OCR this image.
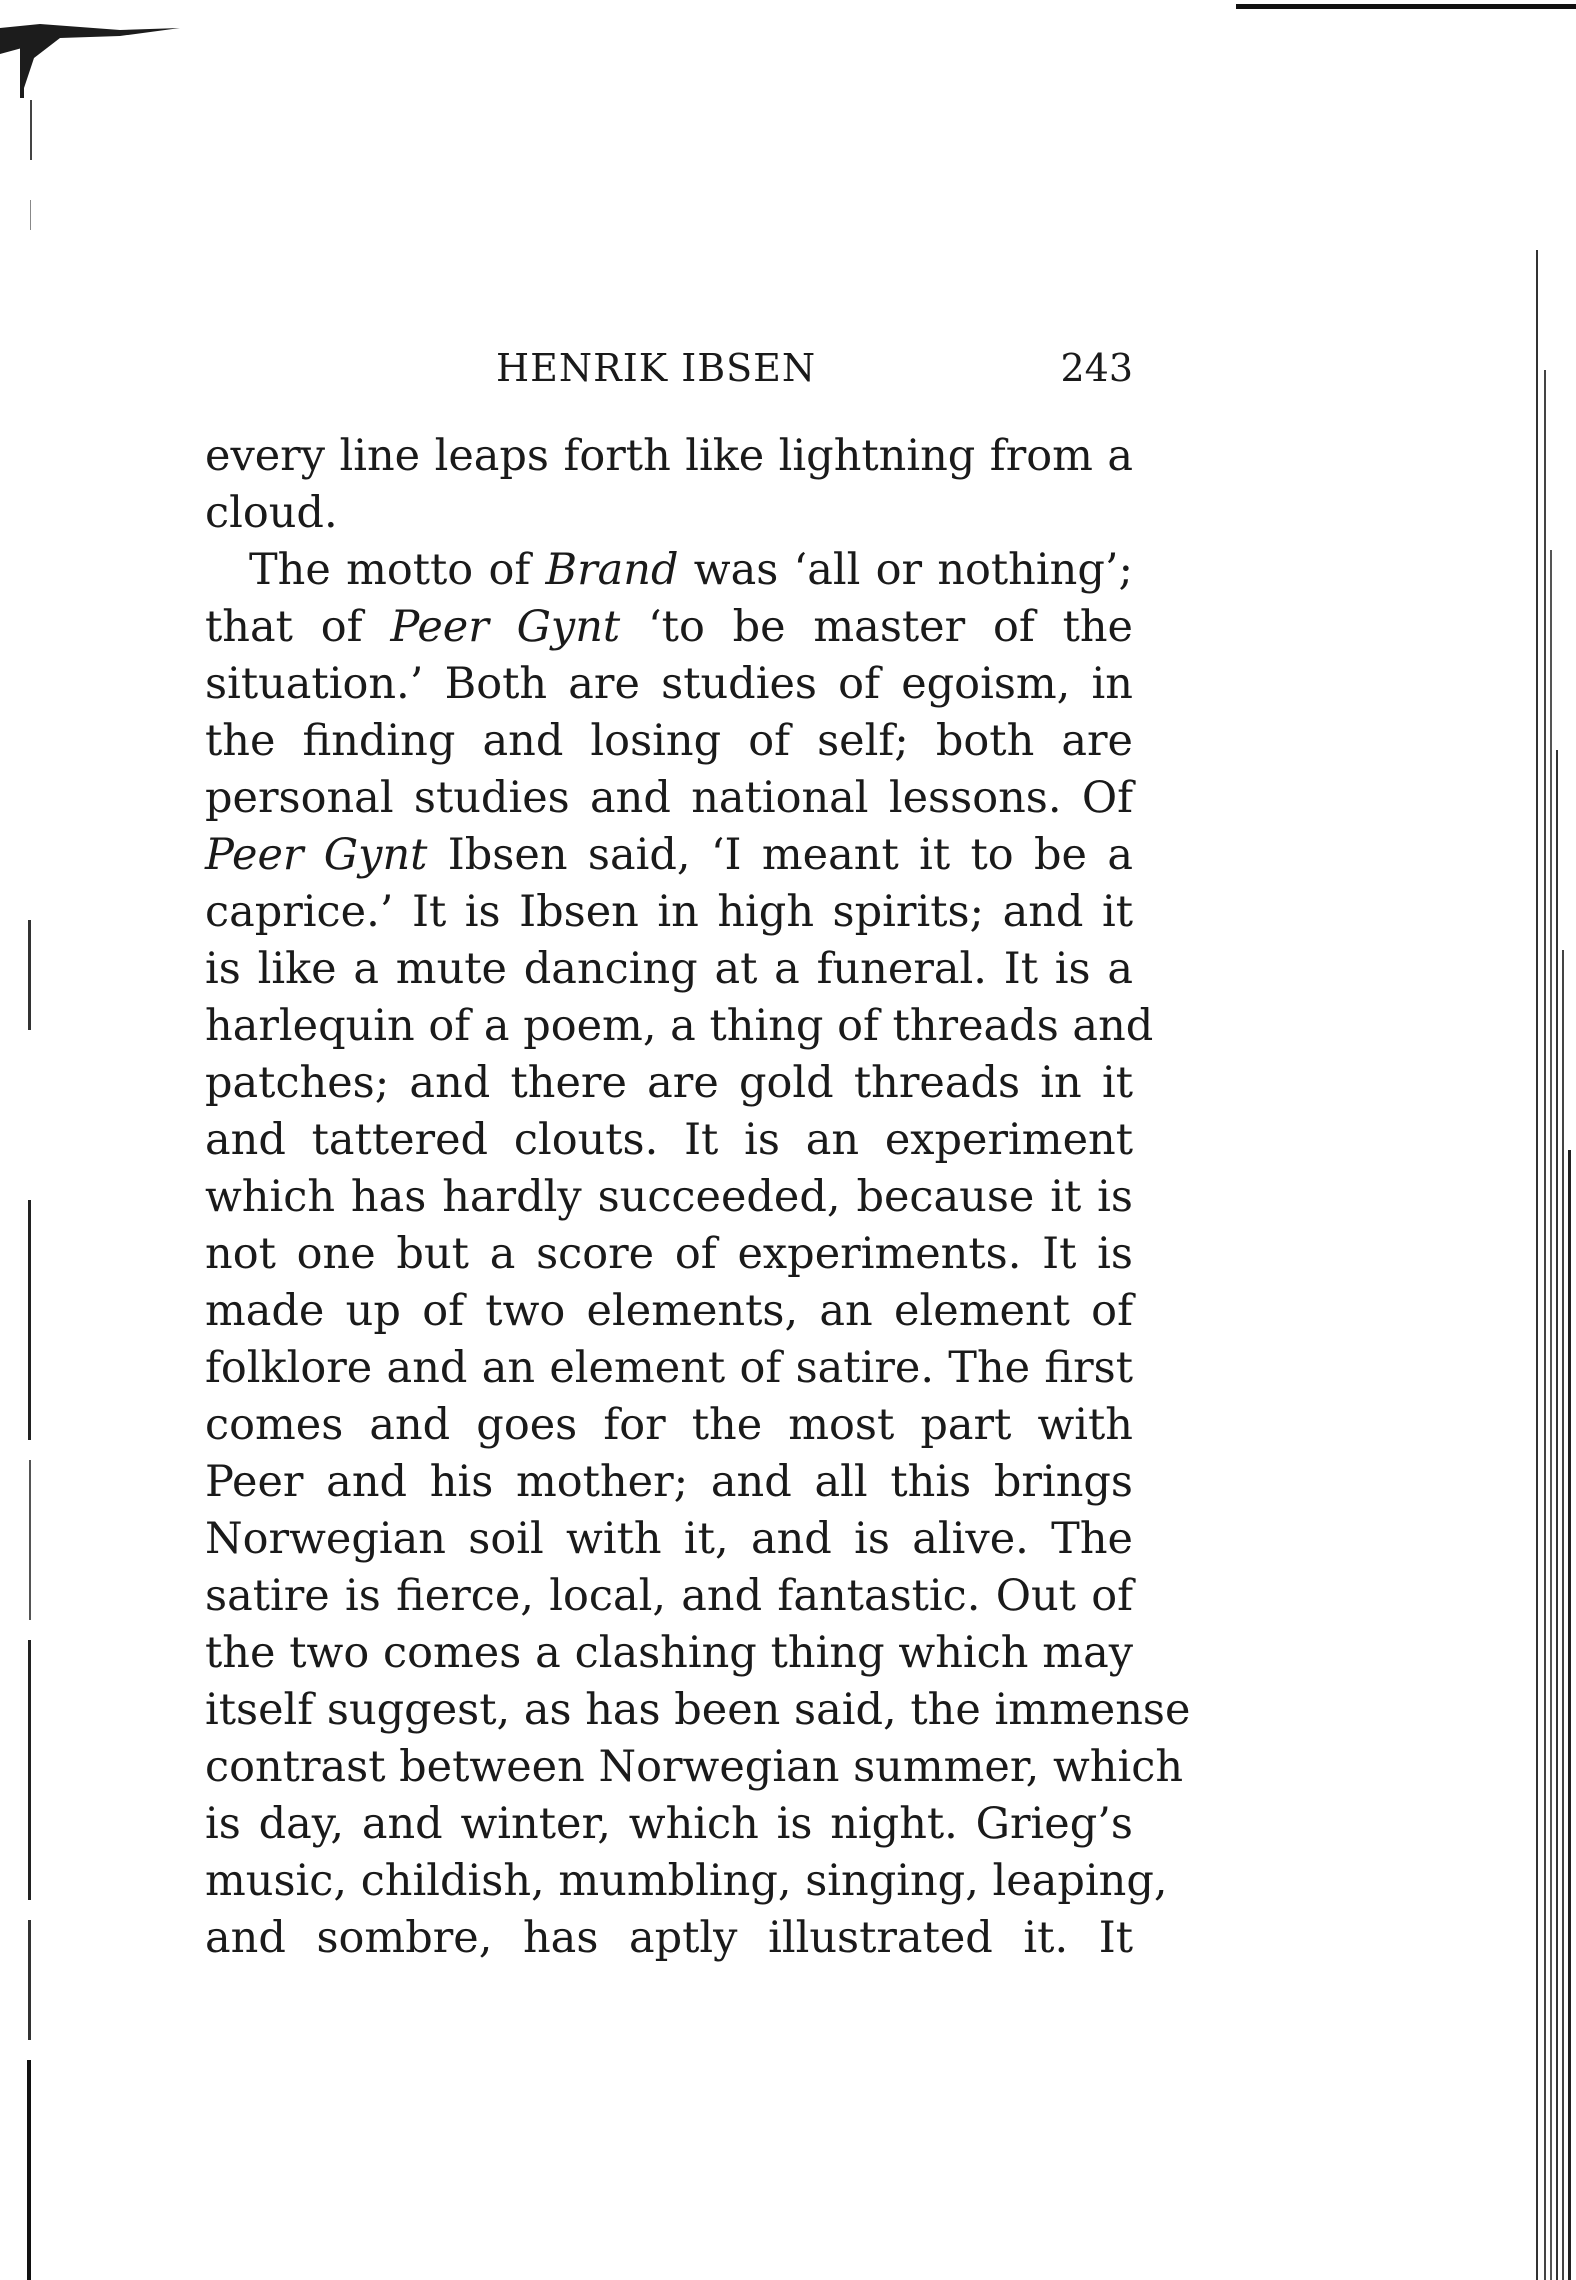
HENRIK IBSEN	243
every line leaps forth like lightning from a
cloud.
The motto of Brand was ‘all or nothing’;
that of Peer Gynt ‘to be master of the
situation.’ Both are studies of egoism, in
the finding and losing of self; both are
personal studies and national lessons. Of
Peer Gynt Ibsen said, ‘I meant it to be a
caprice.’ It is Ibsen in high spirits; and it
is like a mute dancing at a funeral. It is a
harlequin of a poem, a thing of threads and
patches; and there are gold threads in it
and tattered clouts. It is an experiment
which has hardly succeeded, because it is
not one but a score of experiments. It is
made up of two elements, an element of
folklore and an element of satire. The first
comes and goes for the most part with
Peer and his mother; and all this brings
Norwegian soil with it, and is alive. The
satire is fierce, local, and fantastic. Out of
the two comes a clashing thing which may
itself suggest, as has been said, the immense
contrast between Norwegian summer, which
is day, and winter, which is night. Grieg’s
music, childish, mumbling, singing, leaping,
and sombre, has aptly illustrated it. It
